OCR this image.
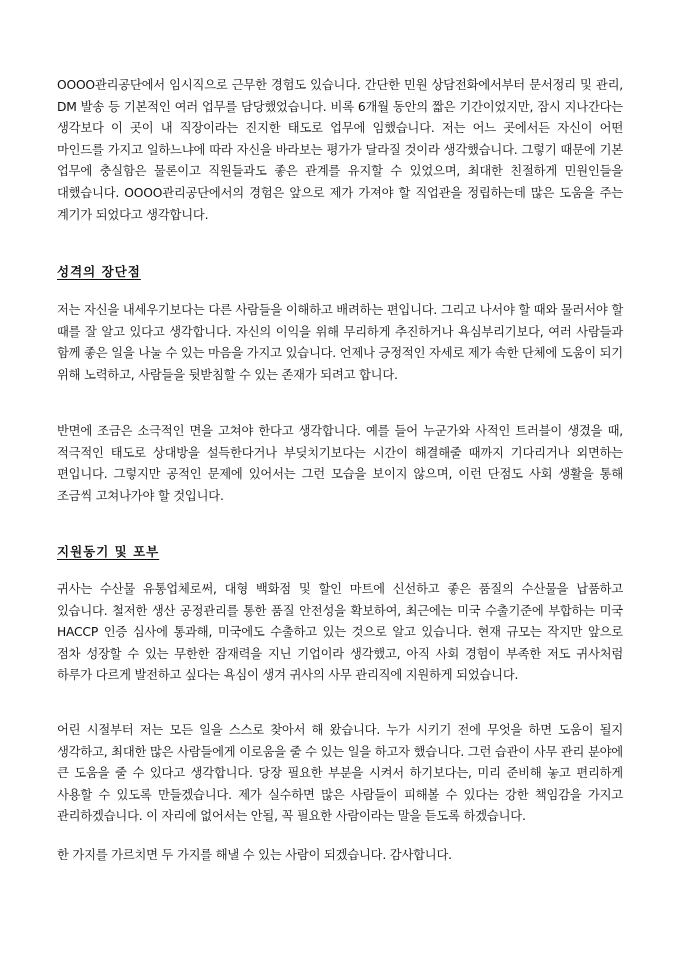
OOOO관리공단에서 임시직으로 근무한 경험도 있습니다. 간단한 민원 상담전화에서부터 문서정리 및 관리, DM 발송 등 기본적인 여러 업무를 담당했었습니다. 비록 6개월 동안의 짧은 기간이었지만, 잠시 지나간다는 생각보다 이 곳이 내 직장이라는 진지한 태도로 업무에 임했습니다. 저는 어느 곳에서든 자신이 어떤 마인드를 가지고 일하느냐에 따라 자신을 바라보는 평가가 달라질 것이라 생각했습니다. 그렇기 때문에 기본 업무에 충실함은 물론이고 직원들과도 좋은 관계를 유지할 수 있었으며, 최대한 친절하게 민원인들을 대했습니다. OOOO관리공단에서의 경험은 앞으로 제가 가져야 할 직업관을 정립하는데 많은 도움을 주는 계기가 되었다고 생각합니다.

성격의 장단점

저는 자신을 내세우기보다는 다른 사람들을 이해하고 배려하는 편입니다. 그리고 나서야 할 때와 물러서야 할 때를 잘 알고 있다고 생각합니다. 자신의 이익을 위해 무리하게 추진하거나 욕심부리기보다, 여러 사람들과 함께 좋은 일을 나눌 수 있는 마음을 가지고 있습니다. 언제나 긍정적인 자세로 제가 속한 단체에 도움이 되기 위해 노력하고, 사람들을 뒷받침할 수 있는 존재가 되려고 합니다.

반면에 조금은 소극적인 면을 고쳐야 한다고 생각합니다. 예를 들어 누군가와 사적인 트러블이 생겼을 때, 적극적인 태도로 상대방을 설득한다거나 부딪치기보다는 시간이 해결해줄 때까지 기다리거나 외면하는 편입니다. 그렇지만 공적인 문제에 있어서는 그런 모습을 보이지 않으며, 이런 단점도 사회 생활을 통해 조금씩 고쳐나가야 할 것입니다.

지원동기 및 포부

귀사는 수산물 유통업체로써, 대형 백화점 및 할인 마트에 신선하고 좋은 품질의 수산물을 납품하고 있습니다. 철저한 생산 공정관리를 통한 품질 안전성을 확보하여, 최근에는 미국 수출기준에 부합하는 미국 HACCP 인증 심사에 통과해, 미국에도 수출하고 있는 것으로 알고 있습니다. 현재 규모는 작지만 앞으로 점차 성장할 수 있는 무한한 잠재력을 지닌 기업이라 생각했고, 아직 사회 경험이 부족한 저도 귀사처럼 하루가 다르게 발전하고 싶다는 욕심이 생겨 귀사의 사무 관리직에 지원하게 되었습니다.

어린 시절부터 저는 모든 일을 스스로 찾아서 해 왔습니다. 누가 시키기 전에 무엇을 하면 도움이 될지 생각하고, 최대한 많은 사람들에게 이로움을 줄 수 있는 일을 하고자 했습니다. 그런 습관이 사무 관리 분야에 큰 도움을 줄 수 있다고 생각합니다. 당장 필요한 부분을 시켜서 하기보다는, 미리 준비해 놓고 편리하게 사용할 수 있도록 만들겠습니다. 제가 실수하면 많은 사람들이 피해볼 수 있다는 강한 책임감을 가지고 관리하겠습니다. 이 자리에 없어서는 안될, 꼭 필요한 사람이라는 말을 듣도록 하겠습니다.

한 가지를 가르치면 두 가지를 해낼 수 있는 사람이 되겠습니다. 감사합니다.
